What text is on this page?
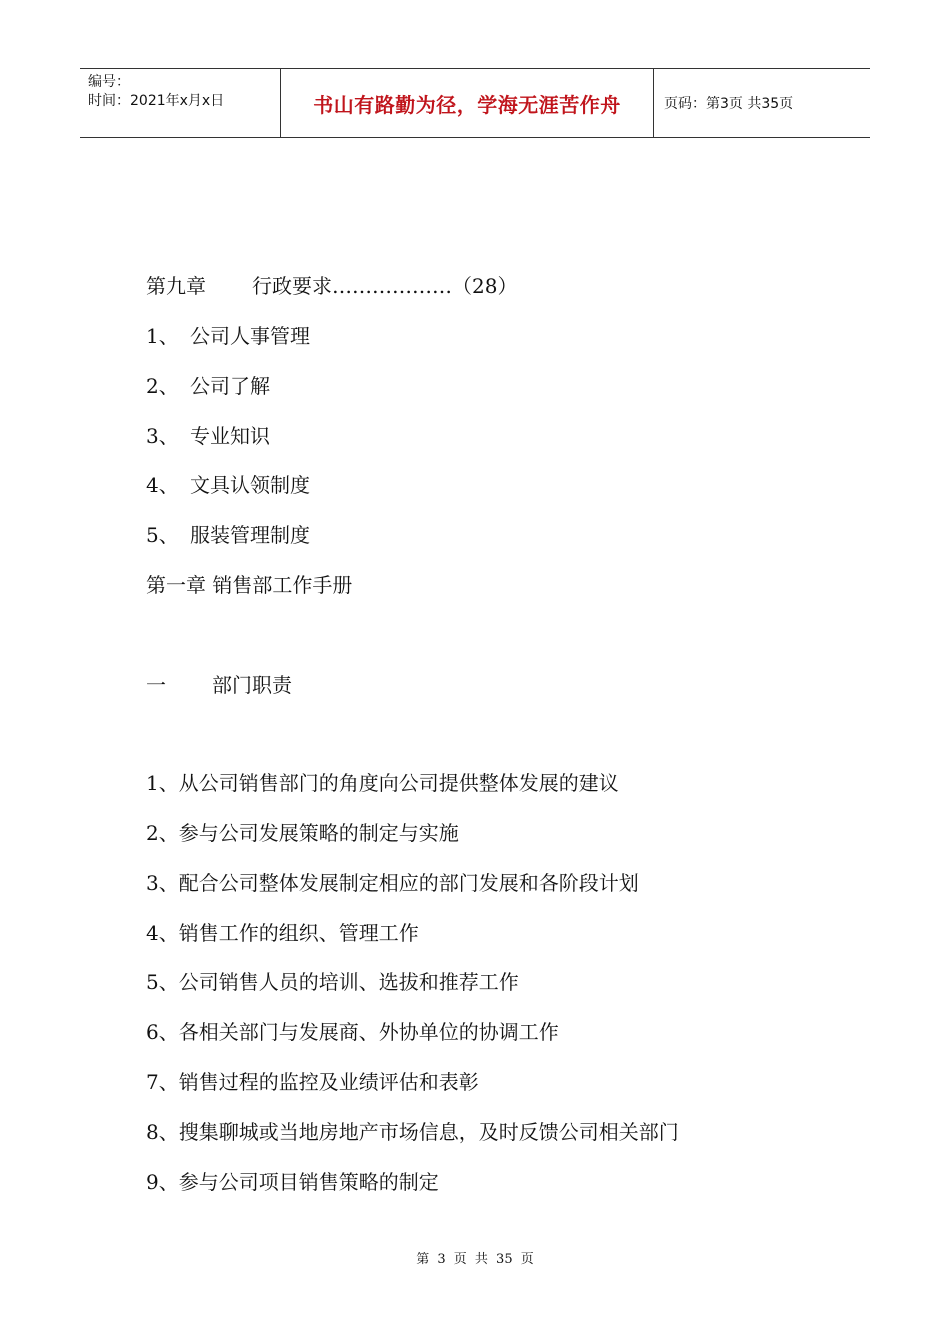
编号：
时间：2021年x月x日	书山有路勤为径，学海无涯苦作舟	页码：第3页 共35页
第九章 行政要求………………（28）
1、 公司人事管理
2、 公司了解
3、 专业知识
4、 文具认领制度
5、 服装管理制度
第一章 销售部工作手册
一 部门职责
1、从公司销售部门的角度向公司提供整体发展的建议
2、参与公司发展策略的制定与实施
3、配合公司整体发展制定相应的部门发展和各阶段计划
4、销售工作的组织、管理工作
5、公司销售人员的培训、选拔和推荐工作
6、各相关部门与发展商、外协单位的协调工作
7、销售过程的监控及业绩评估和表彰
8、搜集聊城或当地房地产市场信息，及时反馈公司相关部门
9、参与公司项目销售策略的制定
第 3 页 共 35 页
